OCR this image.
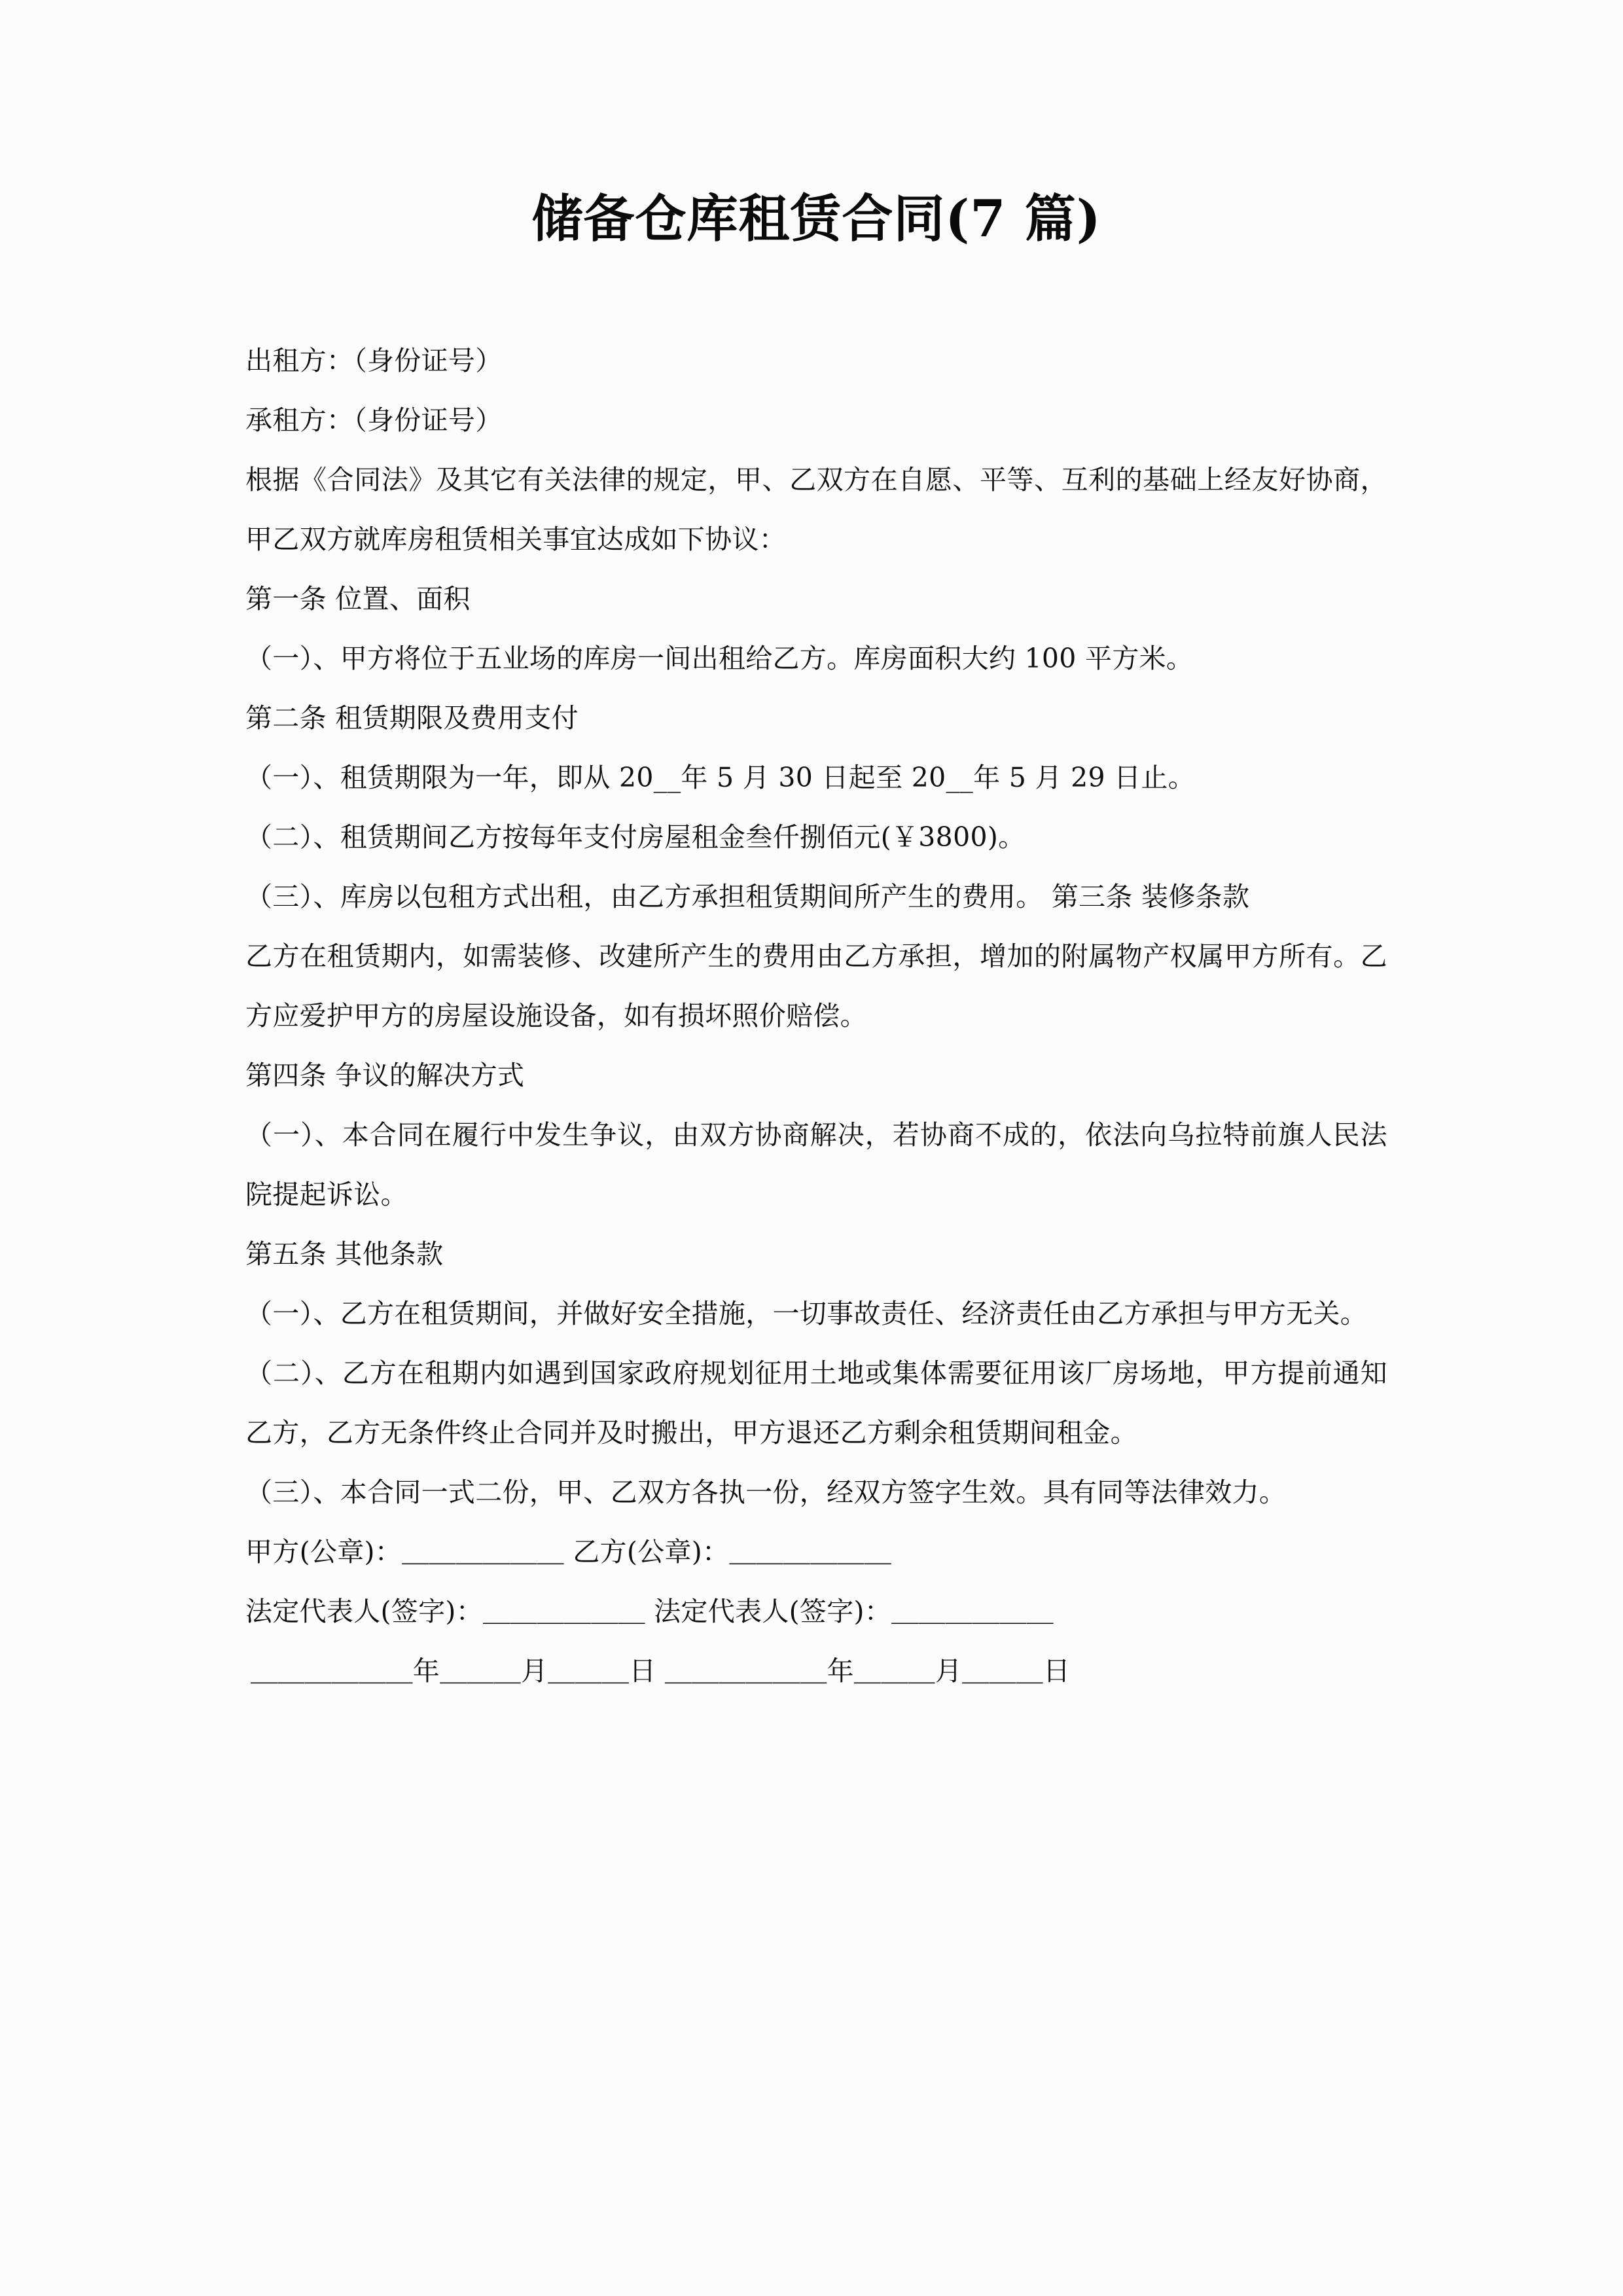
储备仓库租赁合同(7 篇)

出租方：（身份证号）

承租方：（身份证号）

根据《合同法》及其它有关法律的规定，甲、乙双方在自愿、平等、互利的基础上经友好协商，甲乙双方就库房租赁相关事宜达成如下协议：

第一条 位置、面积

（一）、甲方将位于五业场的库房一间出租给乙方。库房面积大约 100 平方米。

第二条 租赁期限及费用支付

（一）、租赁期限为一年，即从 20__年 5 月 30 日起至 20__年 5 月 29 日止。

（二）、租赁期间乙方按每年支付房屋租金叁仟捌佰元(￥3800)。

（三）、库房以包租方式出租，由乙方承担租赁期间所产生的费用。 第三条 装修条款

乙方在租赁期内，如需装修、改建所产生的费用由乙方承担，增加的附属物产权属甲方所有。乙方应爱护甲方的房屋设施设备，如有损坏照价赔偿。

第四条 争议的解决方式

（一）、本合同在履行中发生争议，由双方协商解决，若协商不成的，依法向乌拉特前旗人民法院提起诉讼。

第五条 其他条款

（一）、乙方在租赁期间，并做好安全措施，一切事故责任、经济责任由乙方承担与甲方无关。

（二）、乙方在租期内如遇到国家政府规划征用土地或集体需要征用该厂房场地，甲方提前通知乙方，乙方无条件终止合同并及时搬出，甲方退还乙方剩余租赁期间租金。

（三）、本合同一式二份，甲、乙双方各执一份，经双方签字生效。具有同等法律效力。

甲方(公章)：＿＿＿＿＿＿ 乙方(公章)：＿＿＿＿＿＿

法定代表人(签字)：＿＿＿＿＿＿ 法定代表人(签字)：＿＿＿＿＿＿

＿＿＿＿＿＿年＿＿＿月＿＿＿日 ＿＿＿＿＿＿年＿＿＿月＿＿＿日
